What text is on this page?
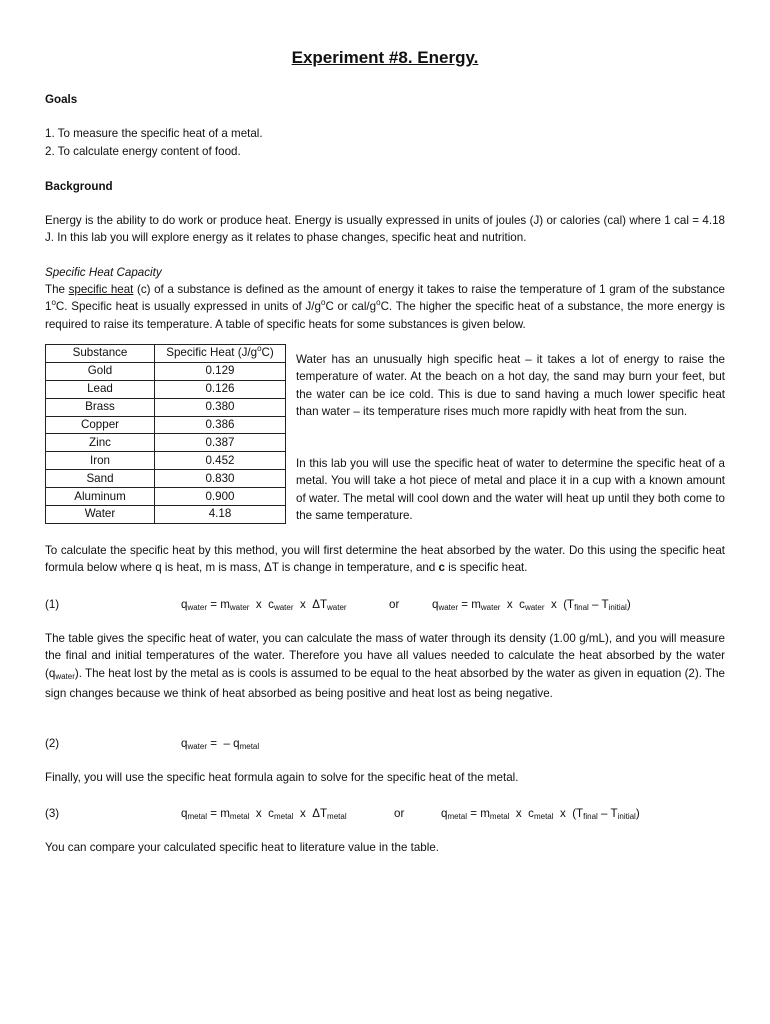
Experiment #8. Energy.
Goals
1. To measure the specific heat of a metal.
2. To calculate energy content of food.
Background
Energy is the ability to do work or produce heat. Energy is usually expressed in units of joules (J) or calories (cal) where 1 cal = 4.18 J. In this lab you will explore energy as it relates to phase changes, specific heat and nutrition.
Specific Heat Capacity
The specific heat (c) of a substance is defined as the amount of energy it takes to raise the temperature of 1 gram of the substance 1$^o$C. Specific heat is usually expressed in units of $J/g^oC$ or cal/$g^oC$. The higher the specific heat of a substance, the more energy is required to raise its temperature. A table of specific heats for some substances is given below.
Substance	Specific Heat $(J/g^oC)$
Gold	0.129
Lead	0.126
Brass	0.380
Copper	0.386
Zinc	0.387
Iron	0.452
Sand	0.830
Aluminum	0.900
Water	4.18
Water has an unusually high specific heat – it takes a lot of energy to raise the temperature of water. At the beach on a hot day, the sand may burn your feet, but the water can be ice cold. This is due to sand having a much lower specific heat than water – its temperature rises much more rapidly with heat from the sun.
In this lab you will use the specific heat of water to determine the specific heat of a metal. You will take a hot piece of metal and place it in a cup with a known amount of water. The metal will cool down and the water will heat up until they both come to the same temperature.
To calculate the specific heat by this method, you will first determine the heat absorbed by the water. Do this using the specific heat formula below where q is heat, m is mass, ΔT is change in temperature, and c is specific heat.
(1)	$q_{water} = m_{water}$  x  $c_{water}$  x  $\Delta T_{water}$	or	$q_{water} = m_{water}$  x  $c_{water}$  x  $(T_{final} - T_{initial})$
The table gives the specific heat of water, you can calculate the mass of water through its density (1.00 g/mL), and you will measure the final and initial temperatures of the water. Therefore you have all values needed to calculate the heat absorbed by the water $(q_{water})$. The heat lost by the metal as is cools is assumed to be equal to the heat absorbed by the water as given in equation (2). The sign changes because we think of heat absorbed as being positive and heat lost as being negative.
(2)	$q_{water}$ =  – $q_{metal}$
Finally, you will use the specific heat formula again to solve for the specific heat of the metal.
(3)	$q_{metal} = m_{metal}$  x  $c_{metal}$  x  $\Delta T_{metal}$	or	$q_{metal} = m_{metal}$  x  $c_{metal}$  x  $(T_{final} - T_{initial})$
You can compare your calculated specific heat to literature value in the table.
